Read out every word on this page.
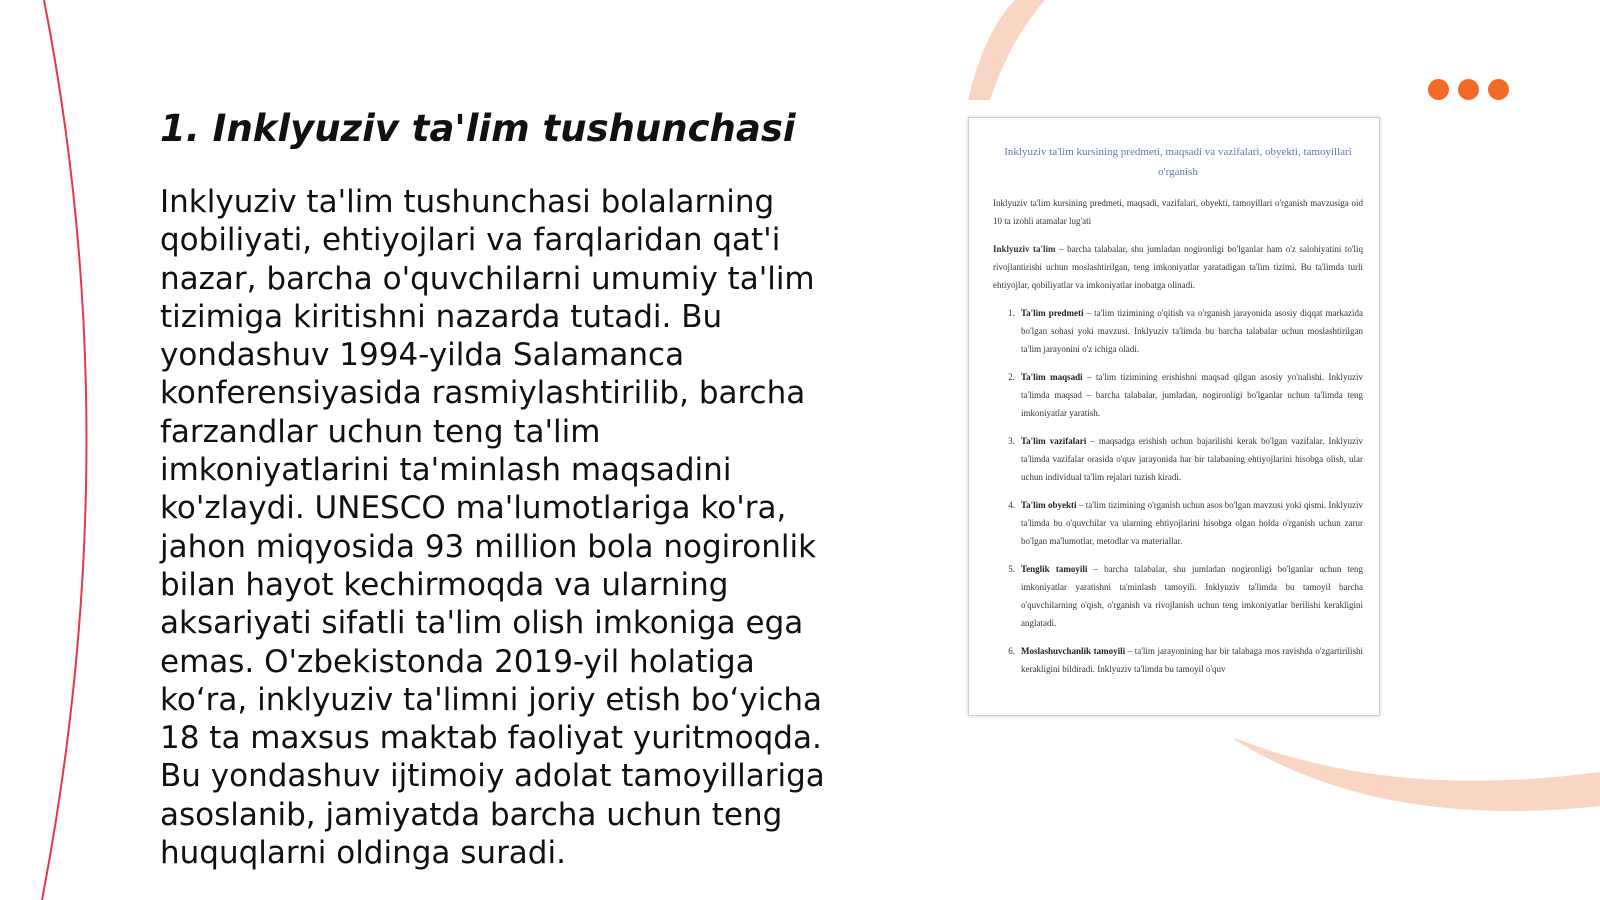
1. Inklyuziv ta'lim tushunchasi

Inklyuziv ta'lim tushunchasi bolalarning qobiliyati, ehtiyojlari va farqlaridan qat'i nazar, barcha o'quvchilarni umumiy ta'lim tizimiga kiritishni nazarda tutadi. Bu yondashuv 1994-yilda Salamanca konferensiyasida rasmiylashtirilib, barcha farzandlar uchun teng ta'lim imkoniyatlarini ta'minlash maqsadini ko'zlaydi. UNESCO ma'lumotlariga ko'ra, jahon miqyosida 93 million bola nogironlik bilan hayot kechirmoqda va ularning aksariyati sifatli ta'lim olish imkoniga ega emas. O'zbekistonda 2019-yil holatiga koʻra, inklyuziv ta'limni joriy etish boʻyicha 18 ta maxsus maktab faoliyat yuritmoqda. Bu yondashuv ijtimoiy adolat tamoyillariga asoslanib, jamiyatda barcha uchun teng huquqlarni oldinga suradi.

Inklyuziv ta'lim kursining predmeti, maqsadi va vazifalari, obyekti, tamoyillari o'rganish

Inklyuziv ta'lim kursining predmeti, maqsadi, vazifalari, obyekti, tamoyillari o'rganish mavzusiga oid 10 ta izohli atamalar lug'ati

Inklyuziv ta'lim – barcha talabalar, shu jumladan nogironligi bo'lganlar ham o'z salohiyatini to'liq rivojlantirishi uchun moslashtirilgan, teng imkoniyatlar yaratadigan ta'lim tizimi. Bu ta'limda turli ehtiyojlar, qobiliyatlar va imkoniyatlar inobatga olinadi.

1. Ta'lim predmeti – ta'lim tizimining o'qitish va o'rganish jarayonida asosiy diqqat markazida bo'lgan sohasi yoki mavzusi. Inklyuziv ta'limda bu barcha talabalar uchun moslashtirilgan ta'lim jarayonini o'z ichiga oladi.
2. Ta'lim maqsadi – ta'lim tizimining erishishni maqsad qilgan asosiy yo'nalishi. Inklyuziv ta'limda maqsad – barcha talabalar, jumladan, nogironligi bo'lganlar uchun ta'limda teng imkoniyatlar yaratish.
3. Ta'lim vazifalari – maqsadga erishish uchun bajarilishi kerak bo'lgan vazifalar. Inklyuziv ta'limda vazifalar orasida o'quv jarayonida har bir talabaning ehtiyojlarini hisobga olish, ular uchun individual ta'lim rejalari tuzish kiradi.
4. Ta'lim obyekti – ta'lim tizimining o'rganish uchun asos bo'lgan mavzusi yoki qismi. Inklyuziv ta'limda bu o'quvchilar va ularning ehtiyojlarini hisobga olgan holda o'rganish uchun zarur bo'lgan ma'lumotlar, metodlar va materiallar.
5. Tenglik tamoyili – barcha talabalar, shu jumladan nogironligi bo'lganlar uchun teng imkoniyatlar yaratishni ta'minlash tamoyili. Inklyuziv ta'limda bu tamoyil barcha o'quvchilarning o'qish, o'rganish va rivojlanish uchun teng imkoniyatlar berilishi kerakligini anglatadi.
6. Moslashuvchanlik tamoyili – ta'lim jarayonining har bir talabaga mos ravishda o'zgartirilishi kerakligini bildiradi. Inklyuziv ta'limda bu tamoyil o'quv
